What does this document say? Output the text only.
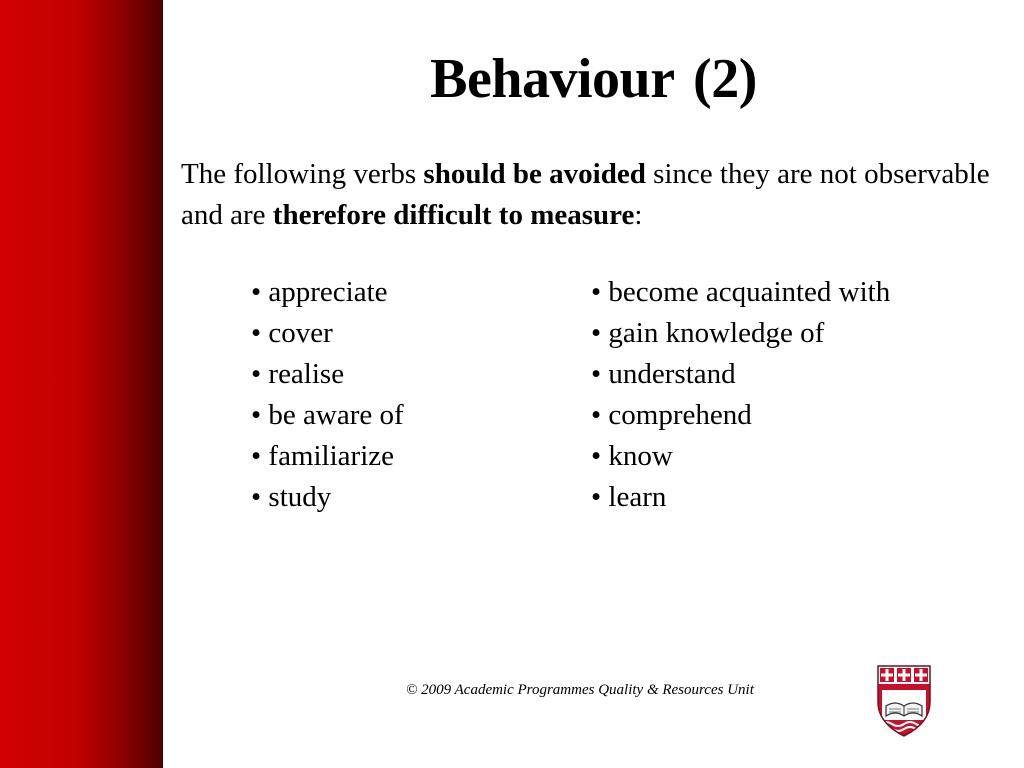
Behaviour (2)
The following verbs should be avoided since they are not observable and are therefore difficult to measure:
• appreciate
• cover
• realise
• be aware of
• familiarize
• study
• become acquainted with
• gain knowledge of
• understand
• comprehend
• know
• learn
© 2009 Academic Programmes Quality & Resources Unit
